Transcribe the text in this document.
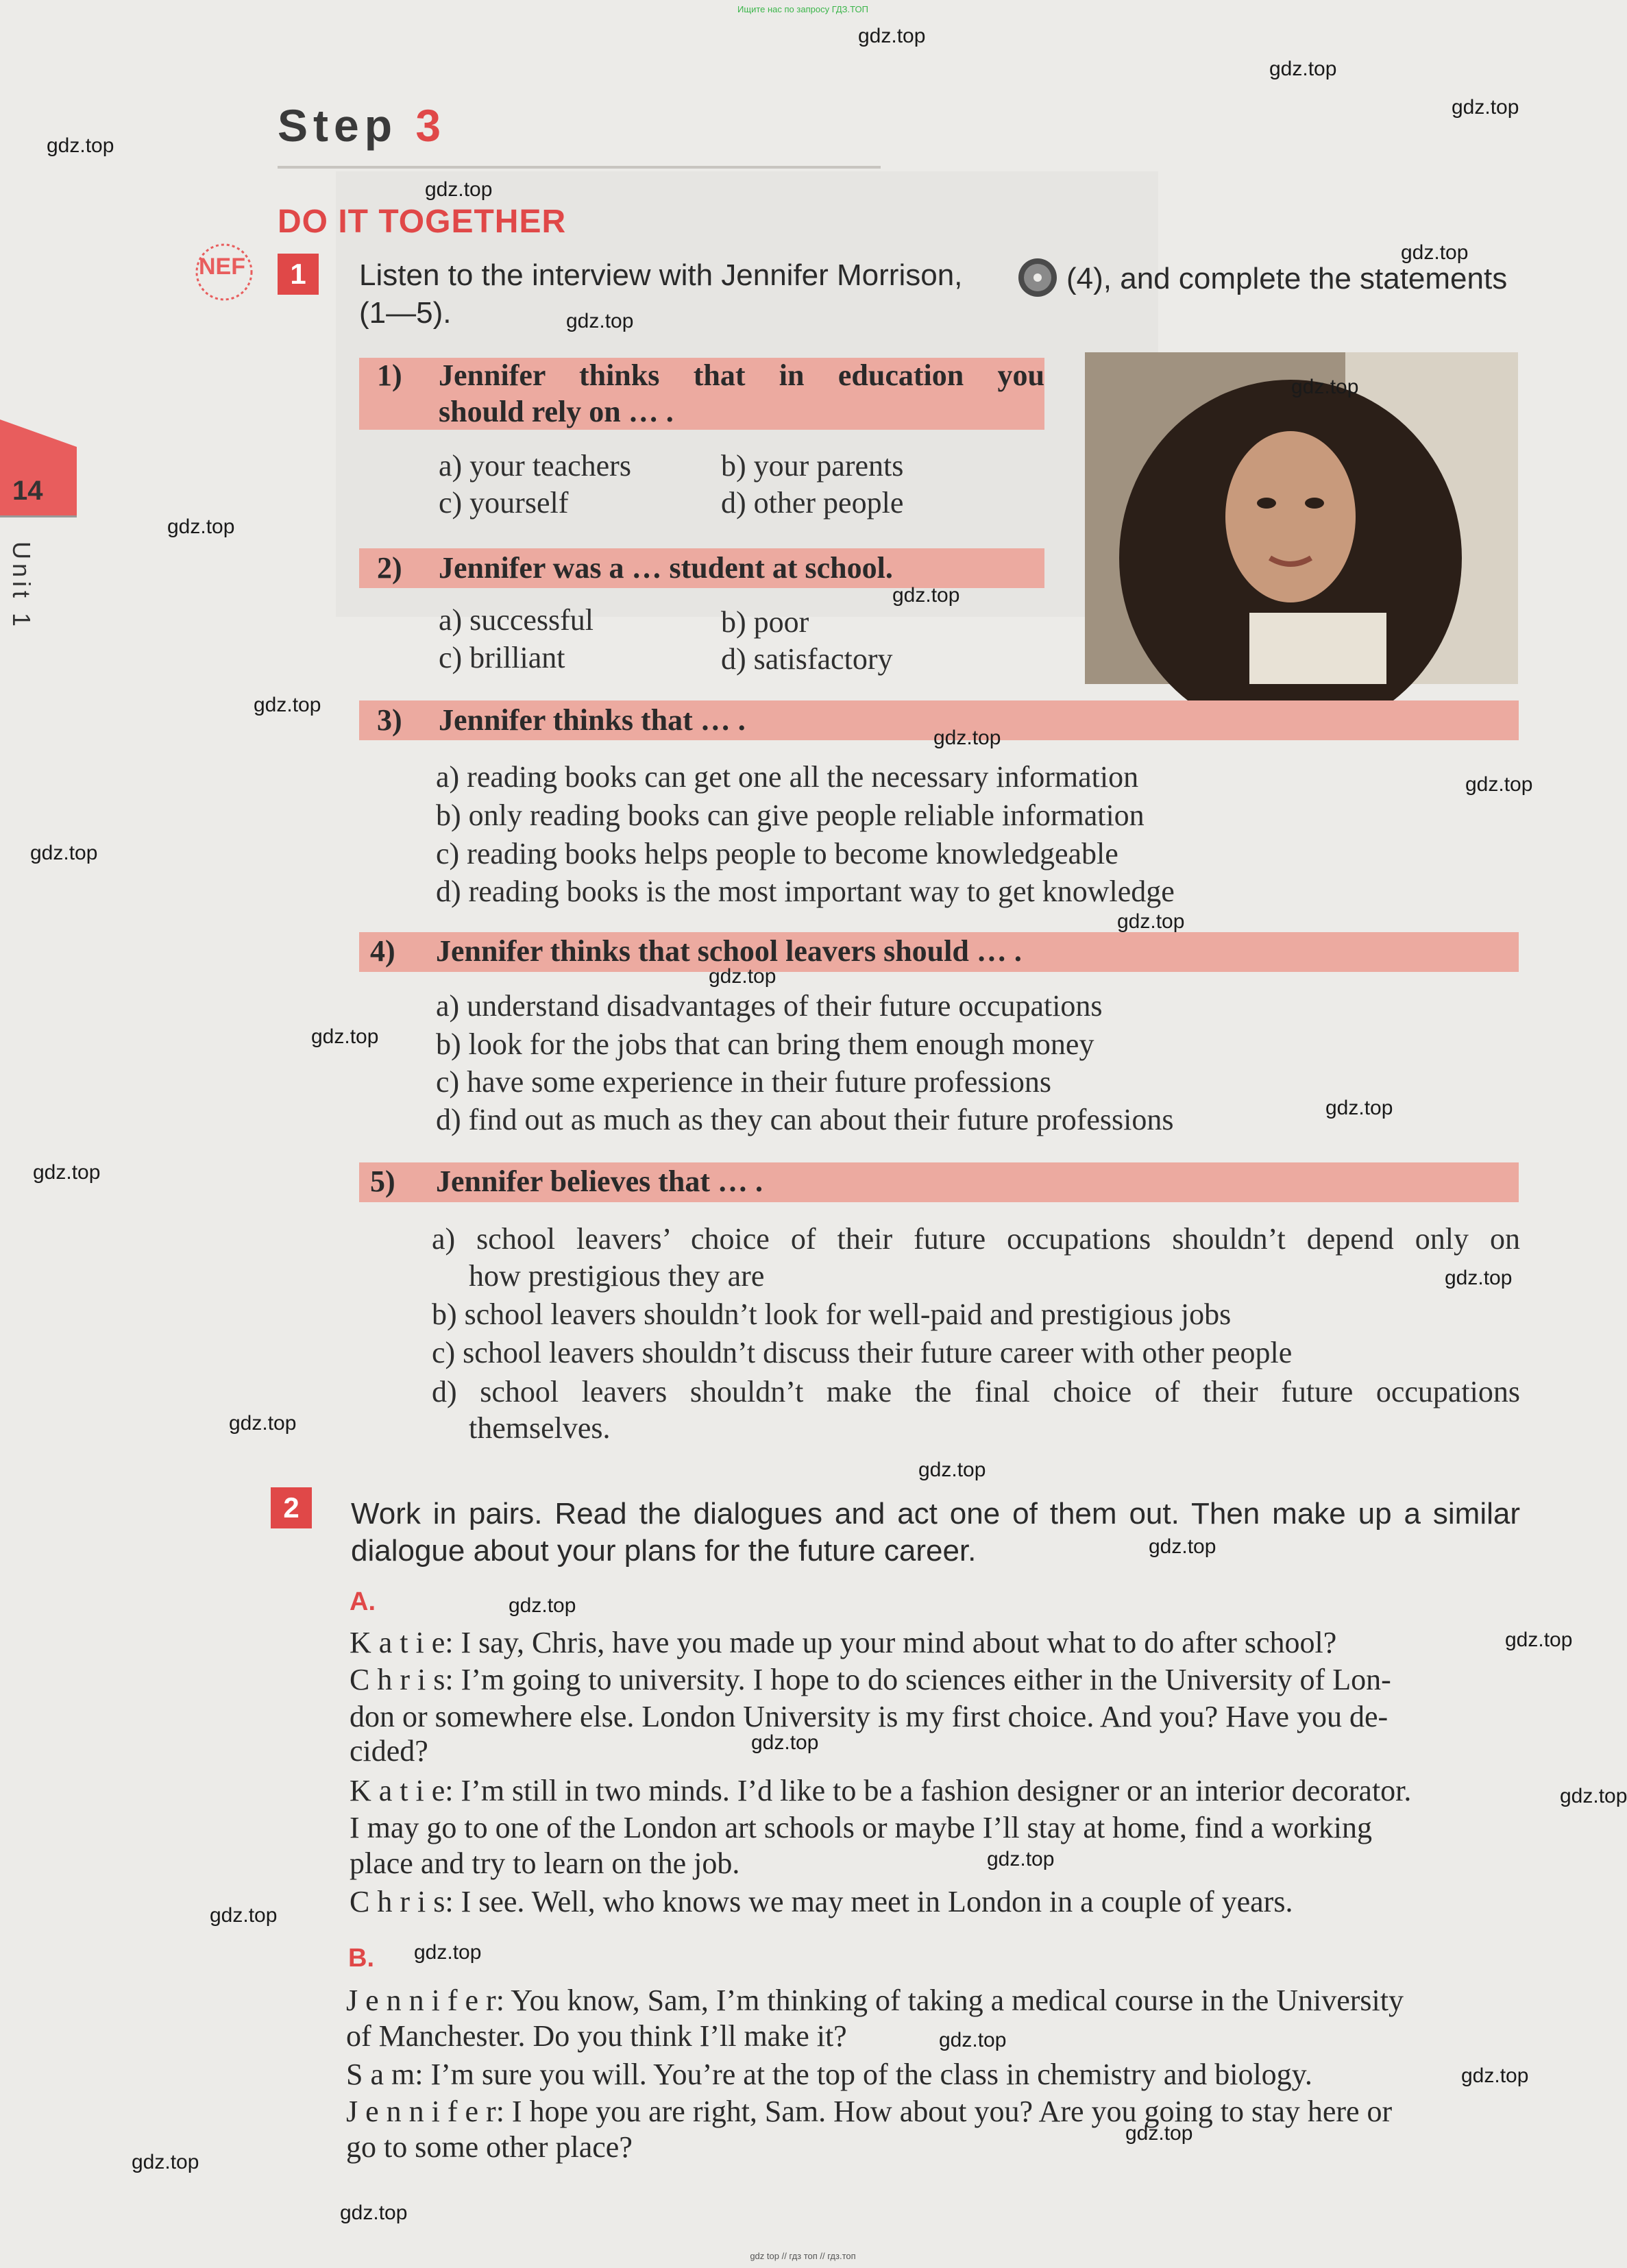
Ищите нас по запросу ГДЗ.ТОП
gdz top // гдз топ // гдз.топ
14
Unit 1
Step 3
DO IT TOGETHER
NEF	1	Listen to the interview with Jennifer Morrison,	(4), and complete the statements
(1—5).
1) Jennifer thinks that in education you
should rely on … .
a) your teachers	b) your parents
c) yourself	d) other people
2) Jennifer was a … student at school.
a) successful	b) poor
c) brilliant	d) satisfactory
3) Jennifer thinks that … .
a) reading books can get one all the necessary information
b) only reading books can give people reliable information
c) reading books helps people to become knowledgeable
d) reading books is the most important way to get knowledge
4) Jennifer thinks that school leavers should … .
a) understand disadvantages of their future occupations
b) look for the jobs that can bring them enough money
c) have some experience in their future professions
d) find out as much as they can about their future professions
5) Jennifer believes that … .
a) school leavers’ choice of their future occupations shouldn’t depend only on
how prestigious they are
b) school leavers shouldn’t look for well-paid and prestigious jobs
c) school leavers shouldn’t discuss their future career with other people
d) school leavers shouldn’t make the final choice of their future occupations
themselves.
2	Work in pairs. Read the dialogues and act one of them out. Then make up a similar
dialogue about your plans for the future career.
A.
K a t i e: I say, Chris, have you made up your mind about what to do after school?
C h r i s: I’m going to university. I hope to do sciences either in the University of Lon-
don or somewhere else. London University is my first choice. And you? Have you de-
cided?
K a t i e: I’m still in two minds. I’d like to be a fashion designer or an interior decorator.
I may go to one of the London art schools or maybe I’ll stay at home, find a working
place and try to learn on the job.
C h r i s: I see. Well, who knows we may meet in London in a couple of years.
B.
J e n n i f e r: You know, Sam, I’m thinking of taking a medical course in the University
of Manchester. Do you think I’ll make it?
S a m: I’m sure you will. You’re at the top of the class in chemistry and biology.
J e n n i f e r: I hope you are right, Sam. How about you? Are you going to stay here or
go to some other place?
gdz.top
gdz.top
gdz.top
gdz.top
gdz.top
gdz.top
gdz.top
gdz.top
gdz.top
gdz.top
gdz.top
gdz.top
gdz.top
gdz.top
gdz.top
gdz.top
gdz.top
gdz.top
gdz.top
gdz.top
gdz.top
gdz.top
gdz.top
gdz.top
gdz.top
gdz.top
gdz.top
gdz.top
gdz.top
gdz.top
gdz.top
gdz.top
gdz.top
gdz.top
gdz.top
